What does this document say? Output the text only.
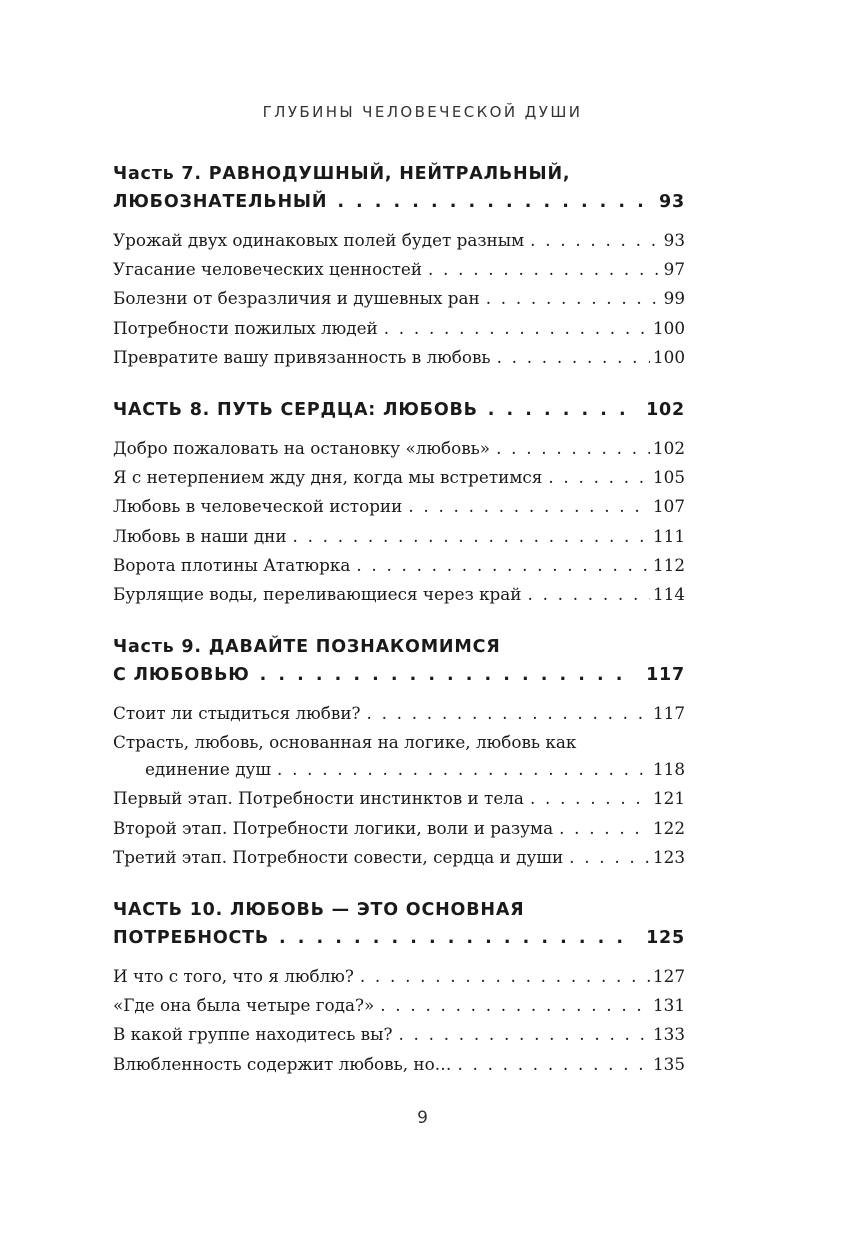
ГЛУБИНЫ ЧЕЛОВЕЧЕСКОЙ ДУШИ
Часть 7. РАВНОДУШНЫЙ, НЕЙТРАЛЬНЫЙ,
ЛЮБОЗНАТЕЛЬНЫЙ . . .	93
Урожай двух одинаковых полей будет разным . . .	93
Угасание человеческих ценностей . . .	97
Болезни от безразличия и душевных ран . . .	99
Потребности пожилых людей . . .	100
Превратите вашу привязанность в любовь . . .	100
ЧАСТЬ 8. ПУТЬ СЕРДЦА: ЛЮБОВЬ . . .	102
Добро пожаловать на остановку «любовь» . . .	102
Я с нетерпением жду дня, когда мы встретимся . . .	105
Любовь в человеческой истории . . .	107
Любовь в наши дни . . .	111
Ворота плотины Ататюрка . . .	112
Бурлящие воды, переливающиеся через край . . .	114
Часть 9. ДАВАЙТЕ ПОЗНАКОМИМСЯ
С ЛЮБОВЬЮ . . .	117
Стоит ли стыдиться любви? . . .	117
Страсть, любовь, основанная на логике, любовь как
единение душ . . .	118
Первый этап. Потребности инстинктов и тела . . .	121
Второй этап. Потребности логики, воли и разума . . .	122
Третий этап. Потребности совести, сердца и души . . .	123
ЧАСТЬ 10. ЛЮБОВЬ — ЭТО ОСНОВНАЯ
ПОТРЕБНОСТЬ . . .	125
И что с того, что я люблю? . . .	127
«Где она была четыре года?» . . .	131
В какой группе находитесь вы? . . .	133
Влюбленность содержит любовь, но… . . .	135
9
